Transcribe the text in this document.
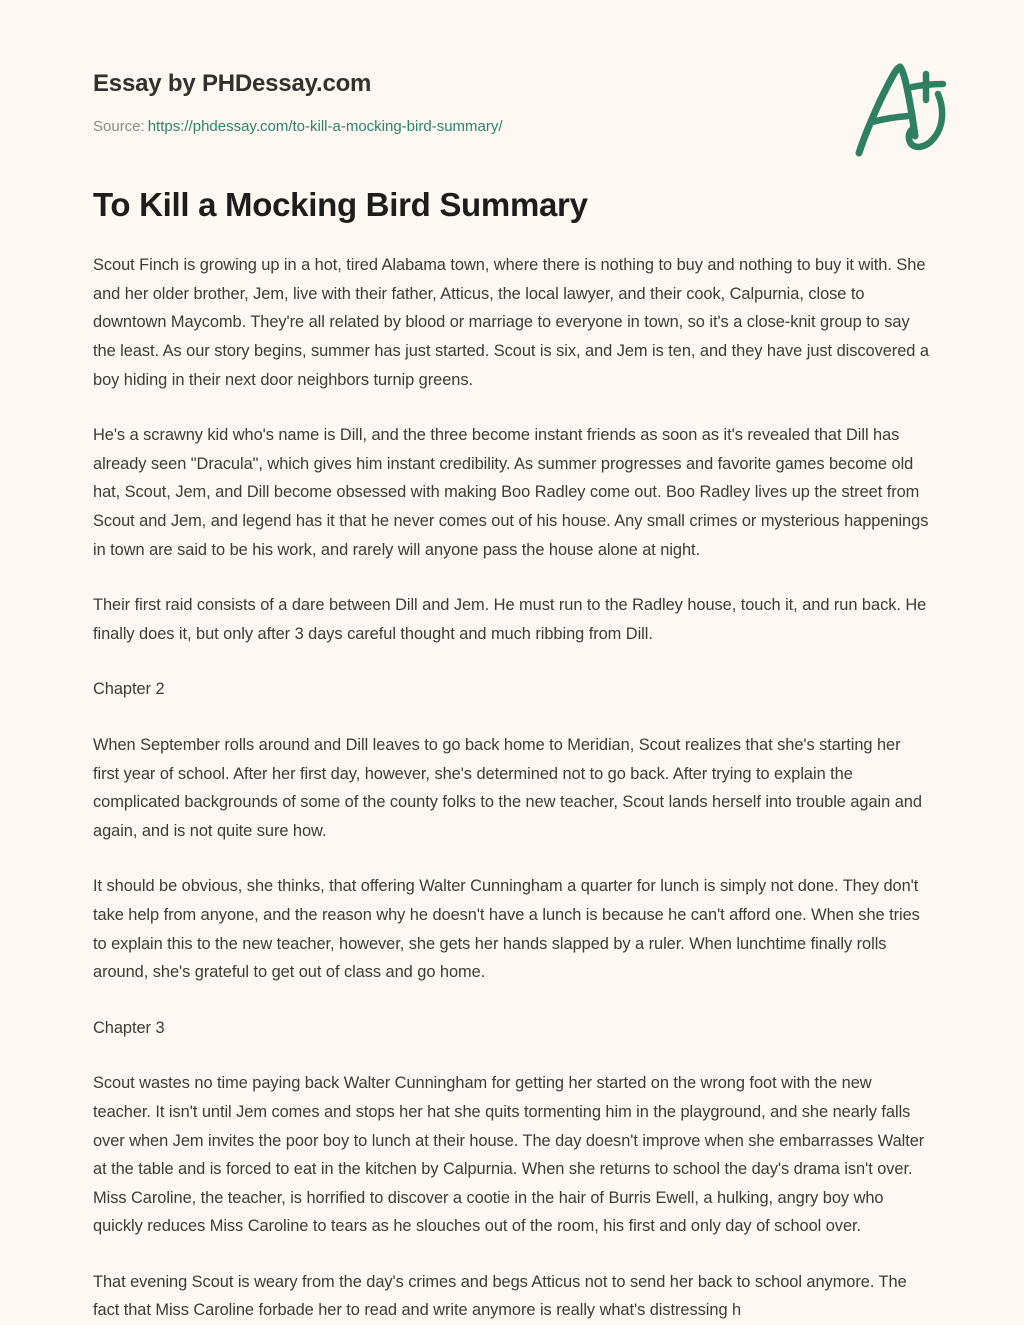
Essay by PHDessay.com

Source: https://phdessay.com/to-kill-a-mocking-bird-summary/

To Kill a Mocking Bird Summary

Scout Finch is growing up in a hot, tired Alabama town, where there is nothing to buy and nothing to buy it with. She and her older brother, Jem, live with their father, Atticus, the local lawyer, and their cook, Calpurnia, close to downtown Maycomb. They're all related by blood or marriage to everyone in town, so it's a close-knit group to say the least. As our story begins, summer has just started. Scout is six, and Jem is ten, and they have just discovered a boy hiding in their next door neighbors turnip greens.

He's a scrawny kid who's name is Dill, and the three become instant friends as soon as it's revealed that Dill has already seen "Dracula", which gives him instant credibility. As summer progresses and favorite games become old hat, Scout, Jem, and Dill become obsessed with making Boo Radley come out. Boo Radley lives up the street from Scout and Jem, and legend has it that he never comes out of his house. Any small crimes or mysterious happenings in town are said to be his work, and rarely will anyone pass the house alone at night.

Their first raid consists of a dare between Dill and Jem. He must run to the Radley house, touch it, and run back. He finally does it, but only after 3 days careful thought and much ribbing from Dill.

Chapter 2

When September rolls around and Dill leaves to go back home to Meridian, Scout realizes that she's starting her first year of school. After her first day, however, she's determined not to go back. After trying to explain the complicated backgrounds of some of the county folks to the new teacher, Scout lands herself into trouble again and again, and is not quite sure how.

It should be obvious, she thinks, that offering Walter Cunningham a quarter for lunch is simply not done. They don't take help from anyone, and the reason why he doesn't have a lunch is because he can't afford one. When she tries to explain this to the new teacher, however, she gets her hands slapped by a ruler. When lunchtime finally rolls around, she's grateful to get out of class and go home.

Chapter 3

Scout wastes no time paying back Walter Cunningham for getting her started on the wrong foot with the new teacher. It isn't until Jem comes and stops her hat she quits tormenting him in the playground, and she nearly falls over when Jem invites the poor boy to lunch at their house. The day doesn't improve when she embarrasses Walter at the table and is forced to eat in the kitchen by Calpurnia. When she returns to school the day's drama isn't over. Miss Caroline, the teacher, is horrified to discover a cootie in the hair of Burris Ewell, a hulking, angry boy who quickly reduces Miss Caroline to tears as he slouches out of the room, his first and only day of school over.

That evening Scout is weary from the day's crimes and begs Atticus not to send her back to school anymore. The fact that Miss Caroline forbade her to read and write anymore is really what's distressing h
